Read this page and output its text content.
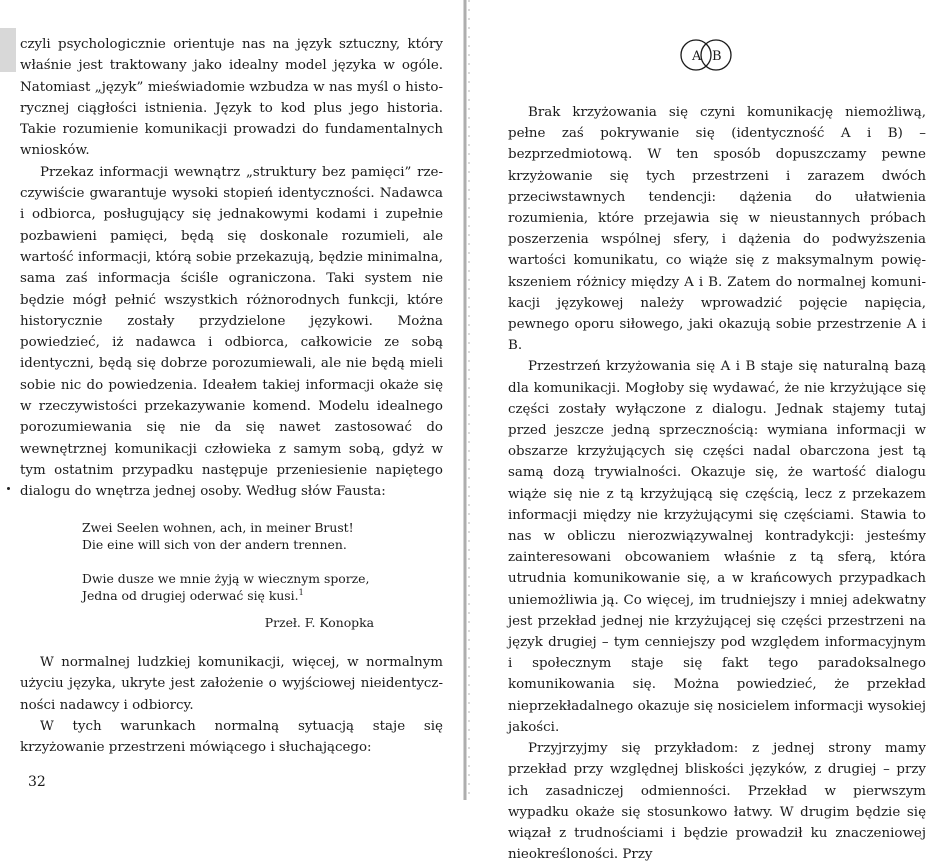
czyli psychologicznie orientuje nas na język sztuczny, który właśnie jest traktowany jako idealny model języka w ogóle. Natomiast „język” mieświadomie wzbudza w nas myśl o historycznej ciągłości istnienia. Język to kod plus jego historia. Takie rozumienie komunikacji prowadzi do fundamentalnych wniosków.

Przekaz informacji wewnątrz „struktury bez pamięci” rzeczywiście gwarantuje wysoki stopień identyczności. Nadawca i odbiorca, posługujący się jednakowymi kodami i zupełnie pozbawieni pamięci, będą się doskonale rozumieli, ale wartość informacji, którą sobie przekazują, będzie minimalna, sama zaś informacja ściśle ograniczona. Taki system nie będzie mógł pełnić wszystkich różnorodnych funkcji, które historycznie zostały przydzielone językowi. Można powiedzieć, iż nadawca i odbiorca, całkowicie ze sobą identyczni, będą się dobrze porozumiewali, ale nie będą mieli sobie nic do powiedzenia. Ideałem takiej informacji okaże się w rzeczywistości przekazywanie komend. Modelu idealnego porozumiewania się nie da się nawet zastosować do wewnętrznej komunikacji człowieka z samym sobą, gdyż w tym ostatnim przypadku następuje przeniesienie napiętego dialogu do wnętrza jednej osoby. Według słów Fausta:

Zwei Seelen wohnen, ach, in meiner Brust!
Die eine will sich von der andern trennen.
Dwie dusze we mnie żyją w wiecznym sporze,
Jedna od drugiej oderwać się kusi.$^1$
Przeł. F. Konopka

W normalnej ludzkiej komunikacji, więcej, w normalnym użyciu języka, ukryte jest założenie o wyjściowej nieidentyczności nadawcy i odbiorcy.

W tych warunkach normalną sytuacją staje się krzyżowanie przestrzeni mówiącego i słuchającego:

32
A B

Brak krzyżowania się czyni komunikację niemożliwą, pełne zaś pokrywanie się (identyczność A i B) – bezprzedmiotową. W ten sposób dopuszczamy pewne krzyżowanie się tych przestrzeni i zarazem dwóch przeciwstawnych tendencji: dążenia do ułatwienia rozumienia, które przejawia się w nieustannych próbach poszerzenia wspólnej sfery, i dążenia do podwyższenia wartości komunikatu, co wiąże się z maksymalnym powiększeniem różnicy między A i B. Zatem do normalnej komunikacji językowej należy wprowadzić pojęcie napięcia, pewnego oporu siłowego, jaki okazują sobie przestrzenie A i B.

Przestrzeń krzyżowania się A i B staje się naturalną bazą dla komunikacji. Mogłoby się wydawać, że nie krzyżujące się części zostały wyłączone z dialogu. Jednak stajemy tutaj przed jeszcze jedną sprzecznością: wymiana informacji w obszarze krzyżujących się części nadal obarczona jest tą samą dozą trywialności. Okazuje się, że wartość dialogu wiąże się nie z tą krzyżującą się częścią, lecz z przekazem informacji między nie krzyżującymi się częściami. Stawia to nas w obliczu nierozwiązywalnej kontradykcji: jesteśmy zainteresowani obcowaniem właśnie z tą sferą, która utrudnia komunikowanie się, a w krańcowych przypadkach uniemożliwia ją. Co więcej, im trudniejszy i mniej adekwatny jest przekład jednej nie krzyżującej się części przestrzeni na język drugiej – tym cenniejszy pod względem informacyjnym i społecznym staje się fakt tego paradoksalnego komunikowania się. Można powiedzieć, że przekład nieprzekładalnego okazuje się nosicielem informacji wysokiej jakości.

Przyjrzyjmy się przykładom: z jednej strony mamy przekład przy względnej bliskości języków, z drugiej – przy ich zasadniczej odmienności. Przekład w pierwszym wypadku okaże się stosunkowo łatwy. W drugim będzie się wiązał z trudnościami i będzie prowadził ku znaczeniowej nieokreśloności. Przy
